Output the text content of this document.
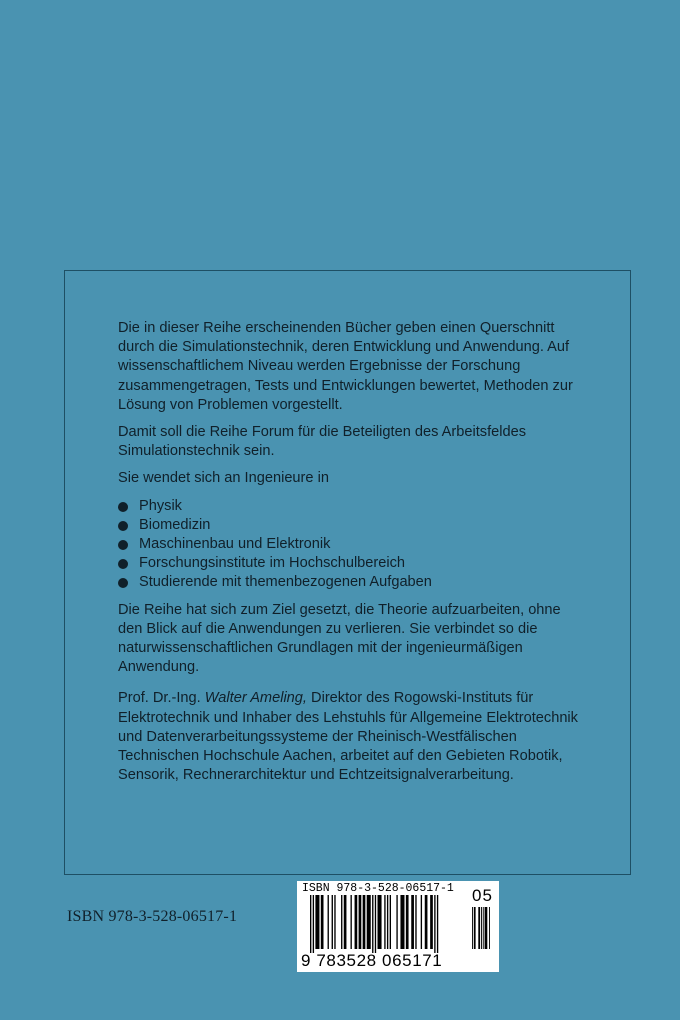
Die in dieser Reihe erscheinenden Bücher geben einen Querschnitt durch die Simulationstechnik, deren Entwicklung und Anwendung. Auf wissenschaftlichem Niveau werden Ergebnisse der Forschung zusammengetragen, Tests und Entwicklungen bewertet, Methoden zur Lösung von Problemen vorgestellt.

Damit soll die Reihe Forum für die Beteiligten des Arbeitsfeldes Simulationstechnik sein.

Sie wendet sich an Ingenieure in

Physik
Biomedizin
Maschinenbau und Elektronik
Forschungsinstitute im Hochschulbereich
Studierende mit themenbezogenen Aufgaben

Die Reihe hat sich zum Ziel gesetzt, die Theorie aufzuarbeiten, ohne den Blick auf die Anwendungen zu verlieren. Sie verbindet so die naturwissenschaftlichen Grundlagen mit der ingenieurmäßigen Anwendung.

Prof. Dr.-Ing. Walter Ameling, Direktor des Rogowski-Instituts für Elektrotechnik und Inhaber des Lehstuhls für Allgemeine Elektrotechnik und Datenverarbeitungssysteme der Rheinisch-Westfälischen Technischen Hochschule Aachen, arbeitet auf den Gebieten Robotik, Sensorik, Rechnerarchitektur und Echtzeitsignalverarbeitung.

ISBN 978-3-528-06517-1
ISBN 978-3-528-06517-1
9 783528 065171
05
